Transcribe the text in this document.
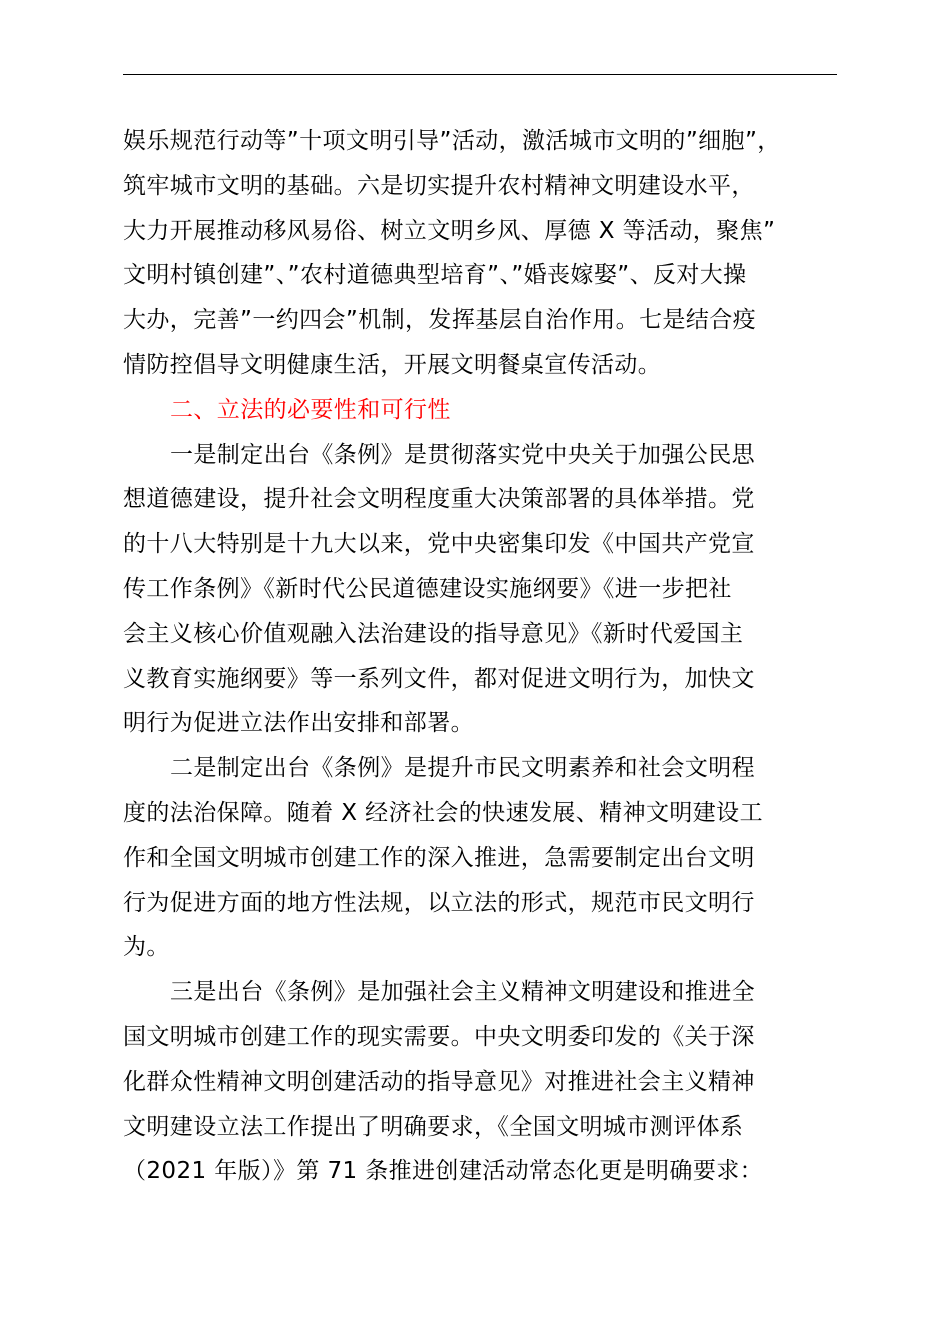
娱乐规范行动等”十项文明引导”活动，激活城市文明的”细胞”，
筑牢城市文明的基础。六是切实提升农村精神文明建设水平，
大力开展推动移风易俗、树立文明乡风、厚德 X 等活动，聚焦”
文明村镇创建”、”农村道德典型培育”、”婚丧嫁娶”、反对大操
大办，完善”一约四会”机制，发挥基层自治作用。七是结合疫
情防控倡导文明健康生活，开展文明餐桌宣传活动。
二、立法的必要性和可行性
一是制定出台《条例》是贯彻落实党中央关于加强公民思
想道德建设，提升社会文明程度重大决策部署的具体举措。党
的十八大特别是十九大以来，党中央密集印发《中国共产党宣
传工作条例》《新时代公民道德建设实施纲要》《进一步把社
会主义核心价值观融入法治建设的指导意见》《新时代爱国主
义教育实施纲要》等一系列文件，都对促进文明行为，加快文
明行为促进立法作出安排和部署。
二是制定出台《条例》是提升市民文明素养和社会文明程
度的法治保障。随着 X 经济社会的快速发展、精神文明建设工
作和全国文明城市创建工作的深入推进，急需要制定出台文明
行为促进方面的地方性法规，以立法的形式，规范市民文明行
为。
三是出台《条例》是加强社会主义精神文明建设和推进全
国文明城市创建工作的现实需要。中央文明委印发的《关于深
化群众性精神文明创建活动的指导意见》对推进社会主义精神
文明建设立法工作提出了明确要求，《全国文明城市测评体系
（2021 年版）》第 71 条推进创建活动常态化更是明确要求：
